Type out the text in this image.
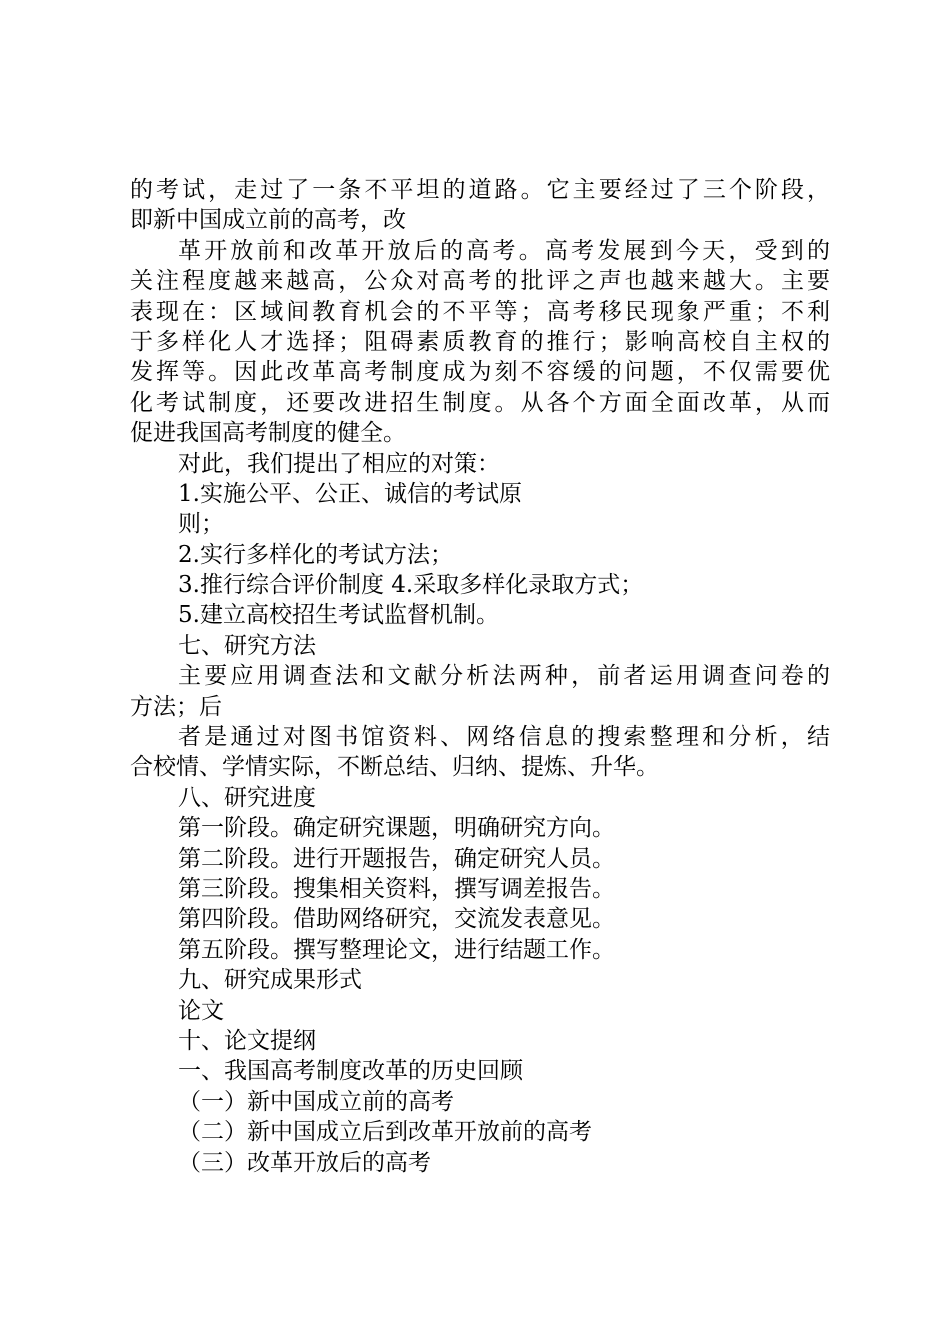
的考试，走过了一条不平坦的道路。它主要经过了三个阶段，
即新中国成立前的高考，改
革开放前和改革开放后的高考。高考发展到今天，受到的
关注程度越来越高，公众对高考的批评之声也越来越大。主要
表现在：区域间教育机会的不平等；高考移民现象严重；不利
于多样化人才选择；阻碍素质教育的推行；影响高校自主权的
发挥等。因此改革高考制度成为刻不容缓的问题，不仅需要优
化考试制度，还要改进招生制度。从各个方面全面改革，从而
促进我国高考制度的健全。
对此，我们提出了相应的对策：
1.实施公平、公正、诚信的考试原
则；
2.实行多样化的考试方法；
3.推行综合评价制度 4.采取多样化录取方式；
5.建立高校招生考试监督机制。
七、研究方法
主要应用调查法和文献分析法两种，前者运用调查问卷的
方法；后
者是通过对图书馆资料、网络信息的搜索整理和分析，结
合校情、学情实际，不断总结、归纳、提炼、升华。
八、研究进度
第一阶段。确定研究课题，明确研究方向。
第二阶段。进行开题报告，确定研究人员。
第三阶段。搜集相关资料，撰写调差报告。
第四阶段。借助网络研究，交流发表意见。
第五阶段。撰写整理论文，进行结题工作。
九、研究成果形式
论文
十、论文提纲
一、我国高考制度改革的历史回顾
（一）新中国成立前的高考
（二）新中国成立后到改革开放前的高考
（三）改革开放后的高考
